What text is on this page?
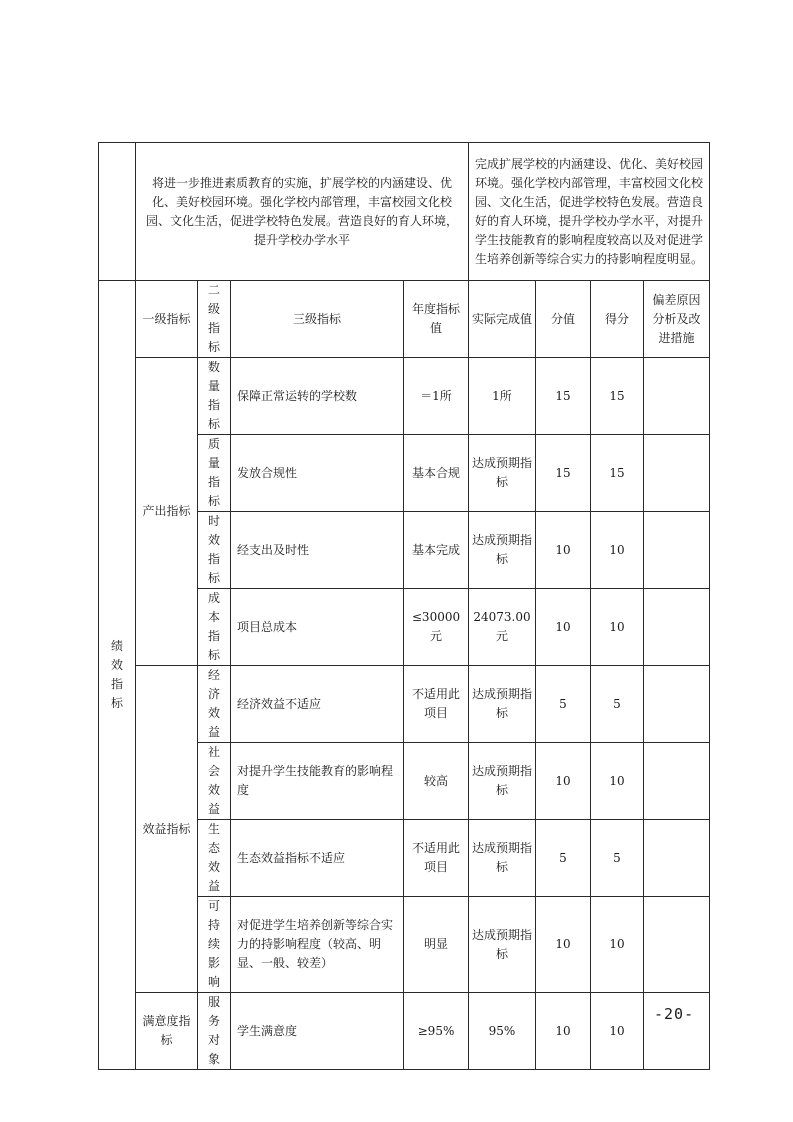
	将进一步推进素质教育的实施，扩展学校的内涵建设、优化、美好校园环境。强化学校内部管理，丰富校园文化校园、文化生活，促进学校特色发展。营造良好的育人环境，提升学校办学水平				完成扩展学校的内涵建设、优化、美好校园环境。强化学校内部管理，丰富校园文化校园、文化生活，促进学校特色发展。营造良好的育人环境，提升学校办学水平，对提升学生技能教育的影响程度较高以及对促进学生培养创新等综合实力的持影响程度明显。			

绩效指标	一级指标	二级指标	三级指标	年度指标值	实际完成值	分值	得分	偏差原因分析及改进措施
	产出指标	数量指标	保障正常运转的学校数	＝1所	1所	15	15	

		质量指标	发放合规性	基本合规	达成预期指标	15	15	

		时效指标	经支出及时性	基本完成	达成预期指标	10	10	

		成本指标	项目总成本	≤30000元	24073.00元	10	10	
	效益指标	经济效益	经济效益不适应	不适用此项目	达成预期指标	5	5	

		社会效益	对提升学生技能教育的影响程度	较高	达成预期指标	10	10	

		生态效益	生态效益指标不适应	不适用此项目	达成预期指标	5	5	

		可持续影响	对促进学生培养创新等综合实力的持影响程度（较高、明显、一般、较差）	明显	达成预期指标	10	10	
	满意度指标	服务对象	学生满意度	≥95%	95%	10	10	
-20-
